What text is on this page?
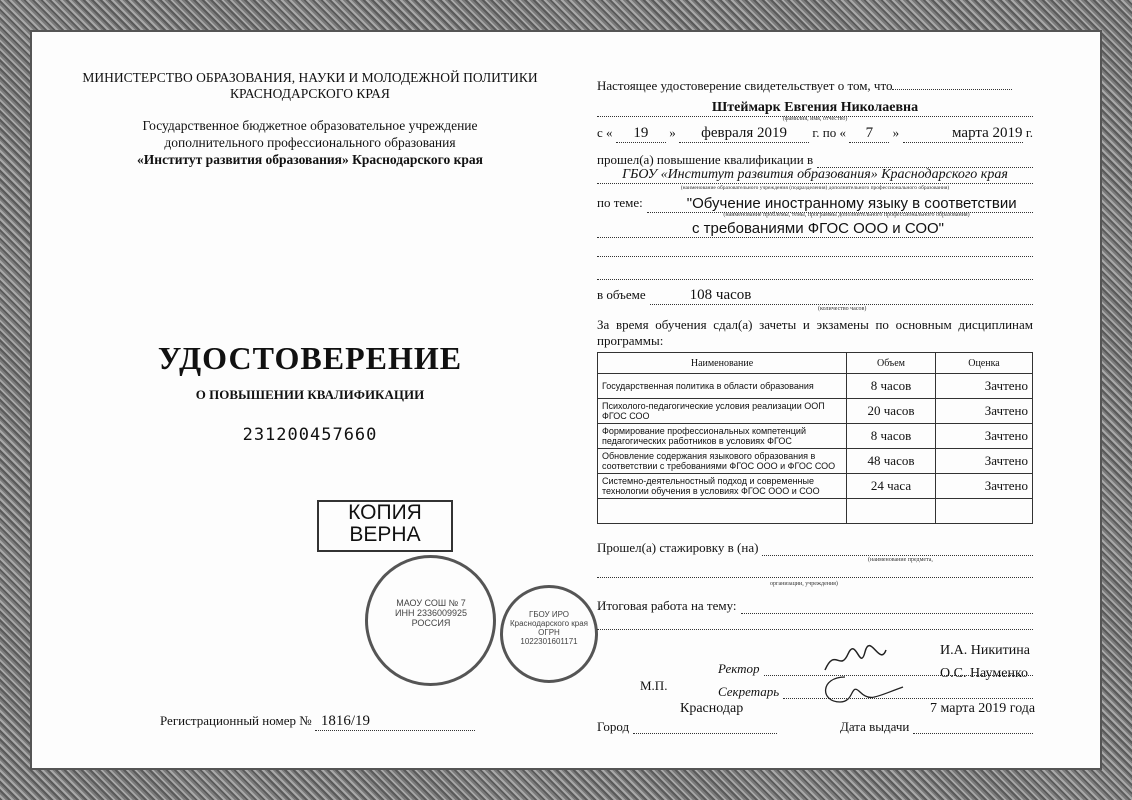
МИНИСТЕРСТВО ОБРАЗОВАНИЯ, НАУКИ И МОЛОДЕЖНОЙ ПОЛИТИКИ
КРАСНОДАРСКОГО КРАЯ
Государственное бюджетное образовательное учреждение
дополнительного профессионального образования
«Институт развития образования» Краснодарского края
УДОСТОВЕРЕНИЕ
О ПОВЫШЕНИИ КВАЛИФИКАЦИИ
231200457660
КОПИЯ
ВЕРНА
МАОУ СОШ № 7 ИНН 2336009925 РОССИЯ
Регистрационный номер № 1816/19
Настоящее удостоверение свидетельствует о том, что
Штеймарк Евгения Николаевна
(фамилия, имя, отчество)
с «	19	»	февраля 2019	г. по «	7	»	марта 2019 г.
прошел(а) повышение квалификации в
ГБОУ «Институт развития образования» Краснодарского края
(наименование образовательного учреждения (подразделения) дополнительного профессионального образования)
по теме:	"Обучение иностранному языку в соответствии
(наименование проблемы, темы, программы дополнительного профессионального образования)
с требованиями ФГОС ООО и СОО"
в объеме	108 часов
(количество часов)
За время обучения сдал(а) зачеты и экзамены по основным дисциплинам программы:
Наименование	Объем	Оценка
Государственная политика в области образования	8 часов	Зачтено
Психолого-педагогические условия реализации ООП ФГОС СОО	20 часов	Зачтено
Формирование профессиональных компетенций педагогических работников в условиях ФГОС	8 часов	Зачтено
Обновление содержания языкового образования в соответствии с требованиями ФГОС ООО и ФГОС СОО	48 часов	Зачтено
Системно-деятельностный подход и современные технологии обучения в условиях ФГОС ООО и СОО	24 часа	Зачтено

ГБОУ ИРО Краснодарского края ОГРН 1022301601171
Прошел(а) стажировку в (на)
(наименование предмета,
организации, учреждения)
Итоговая работа на тему:
И.А. Никитина
Ректор
М.П.
О.С. Науменко
Секретарь
Краснодар	7 марта 2019 года
Город	Дата выдачи
